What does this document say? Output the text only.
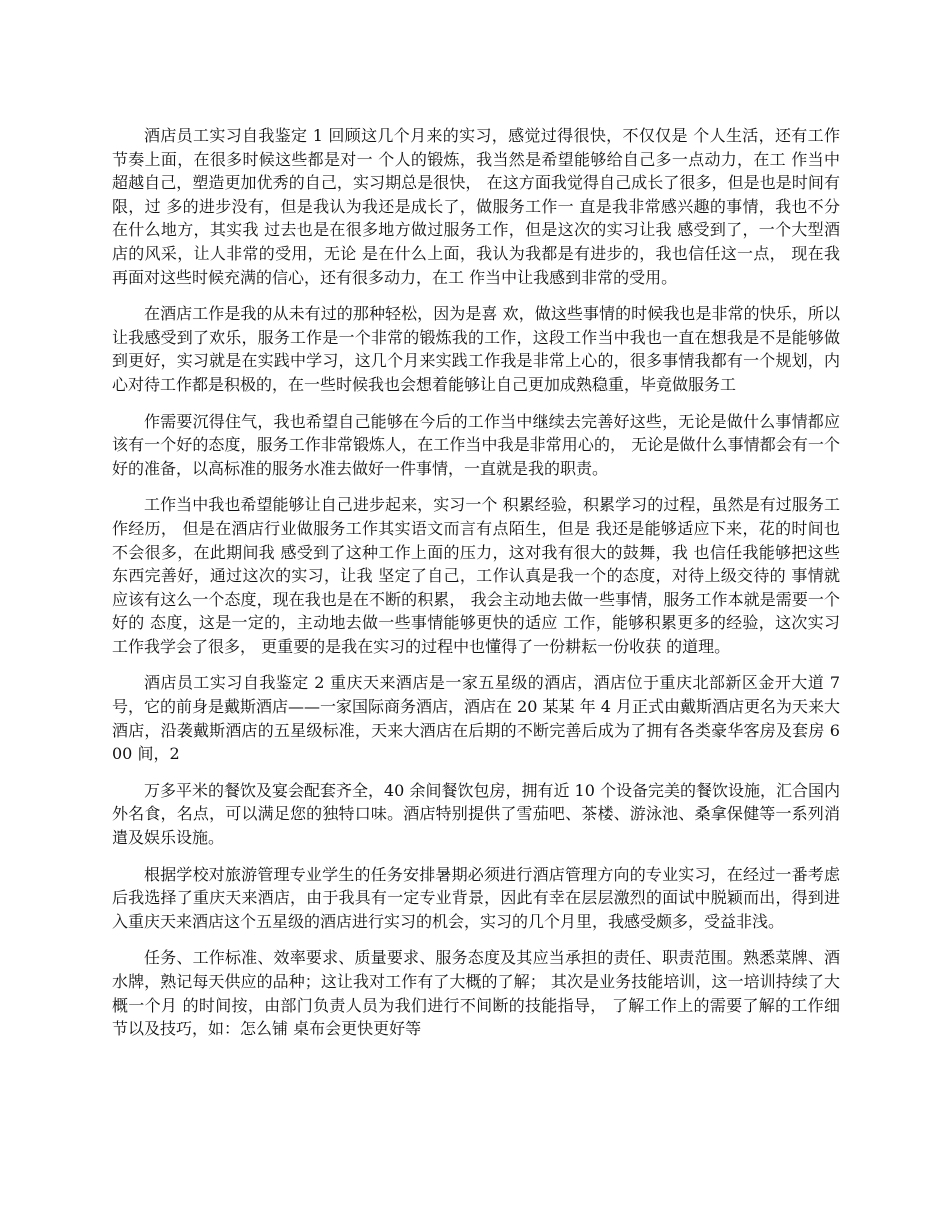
酒店员工实习自我鉴定 1 回顾这几个月来的实习，感觉过得很快，不仅仅是 个人生活，还有工作节奏上面，在很多时候这些都是对一 个人的锻炼，我当然是希望能够给自己多一点动力，在工 作当中超越自己，塑造更加优秀的自己，实习期总是很快， 在这方面我觉得自己成长了很多，但是也是时间有限，过 多的进步没有，但是我认为我还是成长了，做服务工作一 直是我非常感兴趣的事情，我也不分在什么地方，其实我 过去也是在很多地方做过服务工作，但是这次的实习让我 感受到了，一个大型酒店的风采，让人非常的受用，无论 是在什么上面，我认为我都是有进步的，我也信任这一点， 现在我再面对这些时候充满的信心，还有很多动力，在工 作当中让我感到非常的受用。

在酒店工作是我的从未有过的那种轻松，因为是喜 欢，做这些事情的时候我也是非常的快乐，所以让我感受到了欢乐，服务工作是一个非常的锻炼我的工作，这段工作当中我也一直在想我是不是能够做到更好，实习就是在实践中学习，这几个月来实践工作我是非常上心的，很多事情我都有一个规划，内心对待工作都是积极的，在一些时候我也会想着能够让自己更加成熟稳重，毕竟做服务工

作需要沉得住气，我也希望自己能够在今后的工作当中继续去完善好这些，无论是做什么事情都应该有一个好的态度，服务工作非常锻炼人，在工作当中我是非常用心的， 无论是做什么事情都会有一个好的准备，以高标准的服务水准去做好一件事情，一直就是我的职责。

工作当中我也希望能够让自己进步起来，实习一个 积累经验，积累学习的过程，虽然是有过服务工作经历， 但是在酒店行业做服务工作其实语文而言有点陌生，但是 我还是能够适应下来，花的时间也不会很多，在此期间我 感受到了这种工作上面的压力，这对我有很大的鼓舞，我 也信任我能够把这些东西完善好，通过这次的实习，让我 坚定了自己，工作认真是我一个的态度，对待上级交待的 事情就应该有这么一个态度，现在我也是在不断的积累， 我会主动地去做一些事情，服务工作本就是需要一个好的 态度，这是一定的，主动地去做一些事情能够更快的适应 工作，能够积累更多的经验，这次实习工作我学会了很多， 更重要的是我在实习的过程中也懂得了一份耕耘一份收获 的道理。

酒店员工实习自我鉴定 2 重庆天来酒店是一家五星级的酒店，酒店位于重庆北部新区金开大道 7 号，它的前身是戴斯酒店——一家国际商务酒店，酒店在 20 某某 年 4 月正式由戴斯酒店更名为天来大酒店，沿袭戴斯酒店的五星级标准，天来大酒店在后期的不断完善后成为了拥有各类豪华客房及套房 600 间，2

万多平米的餐饮及宴会配套齐全，40 余间餐饮包房，拥有近 10 个设备完美的餐饮设施，汇合国内外名食，名点，可以满足您的独特口味。酒店特别提供了雪茄吧、茶楼、游泳池、桑拿保健等一系列消遣及娱乐设施。

根据学校对旅游管理专业学生的任务安排暑期必须进行酒店管理方向的专业实习，在经过一番考虑后我选择了重庆天来酒店，由于我具有一定专业背景，因此有幸在层层激烈的面试中脱颖而出，得到进入重庆天来酒店这个五星级的酒店进行实习的机会，实习的几个月里，我感受颇多，受益非浅。

任务、工作标准、效率要求、质量要求、服务态度及其应当承担的责任、职责范围。熟悉菜牌、酒水牌，熟记每天供应的品种；这让我对工作有了大概的了解； 其次是业务技能培训，这一培训持续了大概一个月 的时间按，由部门负责人员为我们进行不间断的技能指导， 了解工作上的需要了解的工作细节以及技巧，如：怎么铺 桌布会更快更好等
